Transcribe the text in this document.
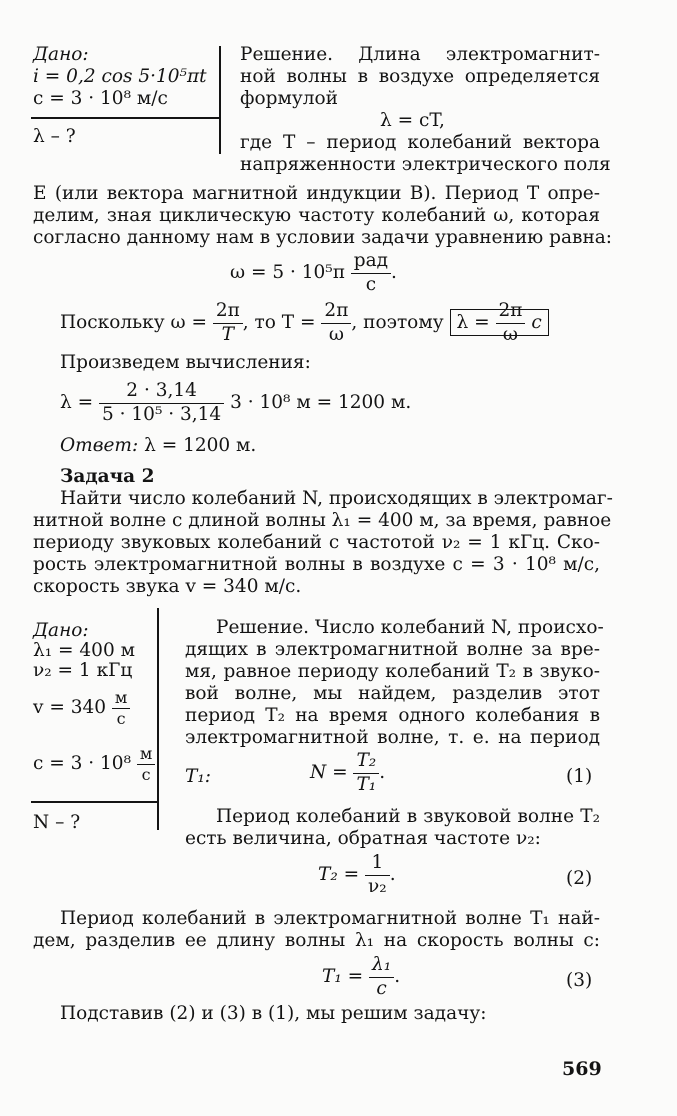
Дано:
i = 0,2 cos 5·10⁵πt
c = 3 · 10⁸ м/с
λ – ?
Решение. Длина электромагнит-
ной волны в воздухе определяется
формулой
λ = cT,
где T – период колебаний вектора
напряженности электрического поля
E (или вектора магнитной индукции B). Период T опре-
делим, зная циклическую частоту колебаний ω, которая
согласно данному нам в условии задачи уравнению равна:
$\omega = 5 \cdot 10^5\pi \frac{\text{рад}}{с}$ .
Поскольку $\omega = \frac{2\pi}{T}$ , то $T = \frac{2\pi}{\omega}$ , поэтому $\lambda = \frac{2\pi}{\omega}$ c
Произведем вычисления:
$\lambda = \frac{2 \cdot 3,14}{\text{5 · 10⁵ · 3,14}} 3 \cdot 10^8$ м = 1200 м.
Ответ: λ = 1200 м.
Задача 2
Найти число колебаний N, происходящих в электромаг-
нитной волне с длиной волны λ₁ = 400 м, за время, равное
периоду звуковых колебаний с частотой ν₂ = 1 кГц. Ско-
рость электромагнитной волны в воздухе c = 3 · 10⁸ м/с,
скорость звука v = 340 м/с.
Дано:
λ₁ = 400 м
ν₂ = 1 кГц
$v = 340 \frac{м}{с}$
$c = 3 \cdot 10^8 \frac{м}{с}$
N – ?
Решение. Число колебаний N, происхо-
дящих в электромагнитной волне за вре-
мя, равное периоду колебаний T₂ в звуко-
вой волне, мы найдем, разделив этот
период T₂ на время одного колебания в
электромагнитной волне, т. е. на период
T₁:	$N = \frac{\text{T₂}}{\text{T₁}}$ .	(1)
Период колебаний в звуковой волне T₂
есть величина, обратная частоте ν₂:
$T_2 = \frac{1}{\text{ν₂}}$ .	(2)
Период колебаний в электромагнитной волне T₁ най-
дем, разделив ее длину волны λ₁ на скорость волны c:
$T_1 = \frac{\text{λ₁}}{c}$ .	(3)
Подставив (2) и (3) в (1), мы решим задачу:
569
